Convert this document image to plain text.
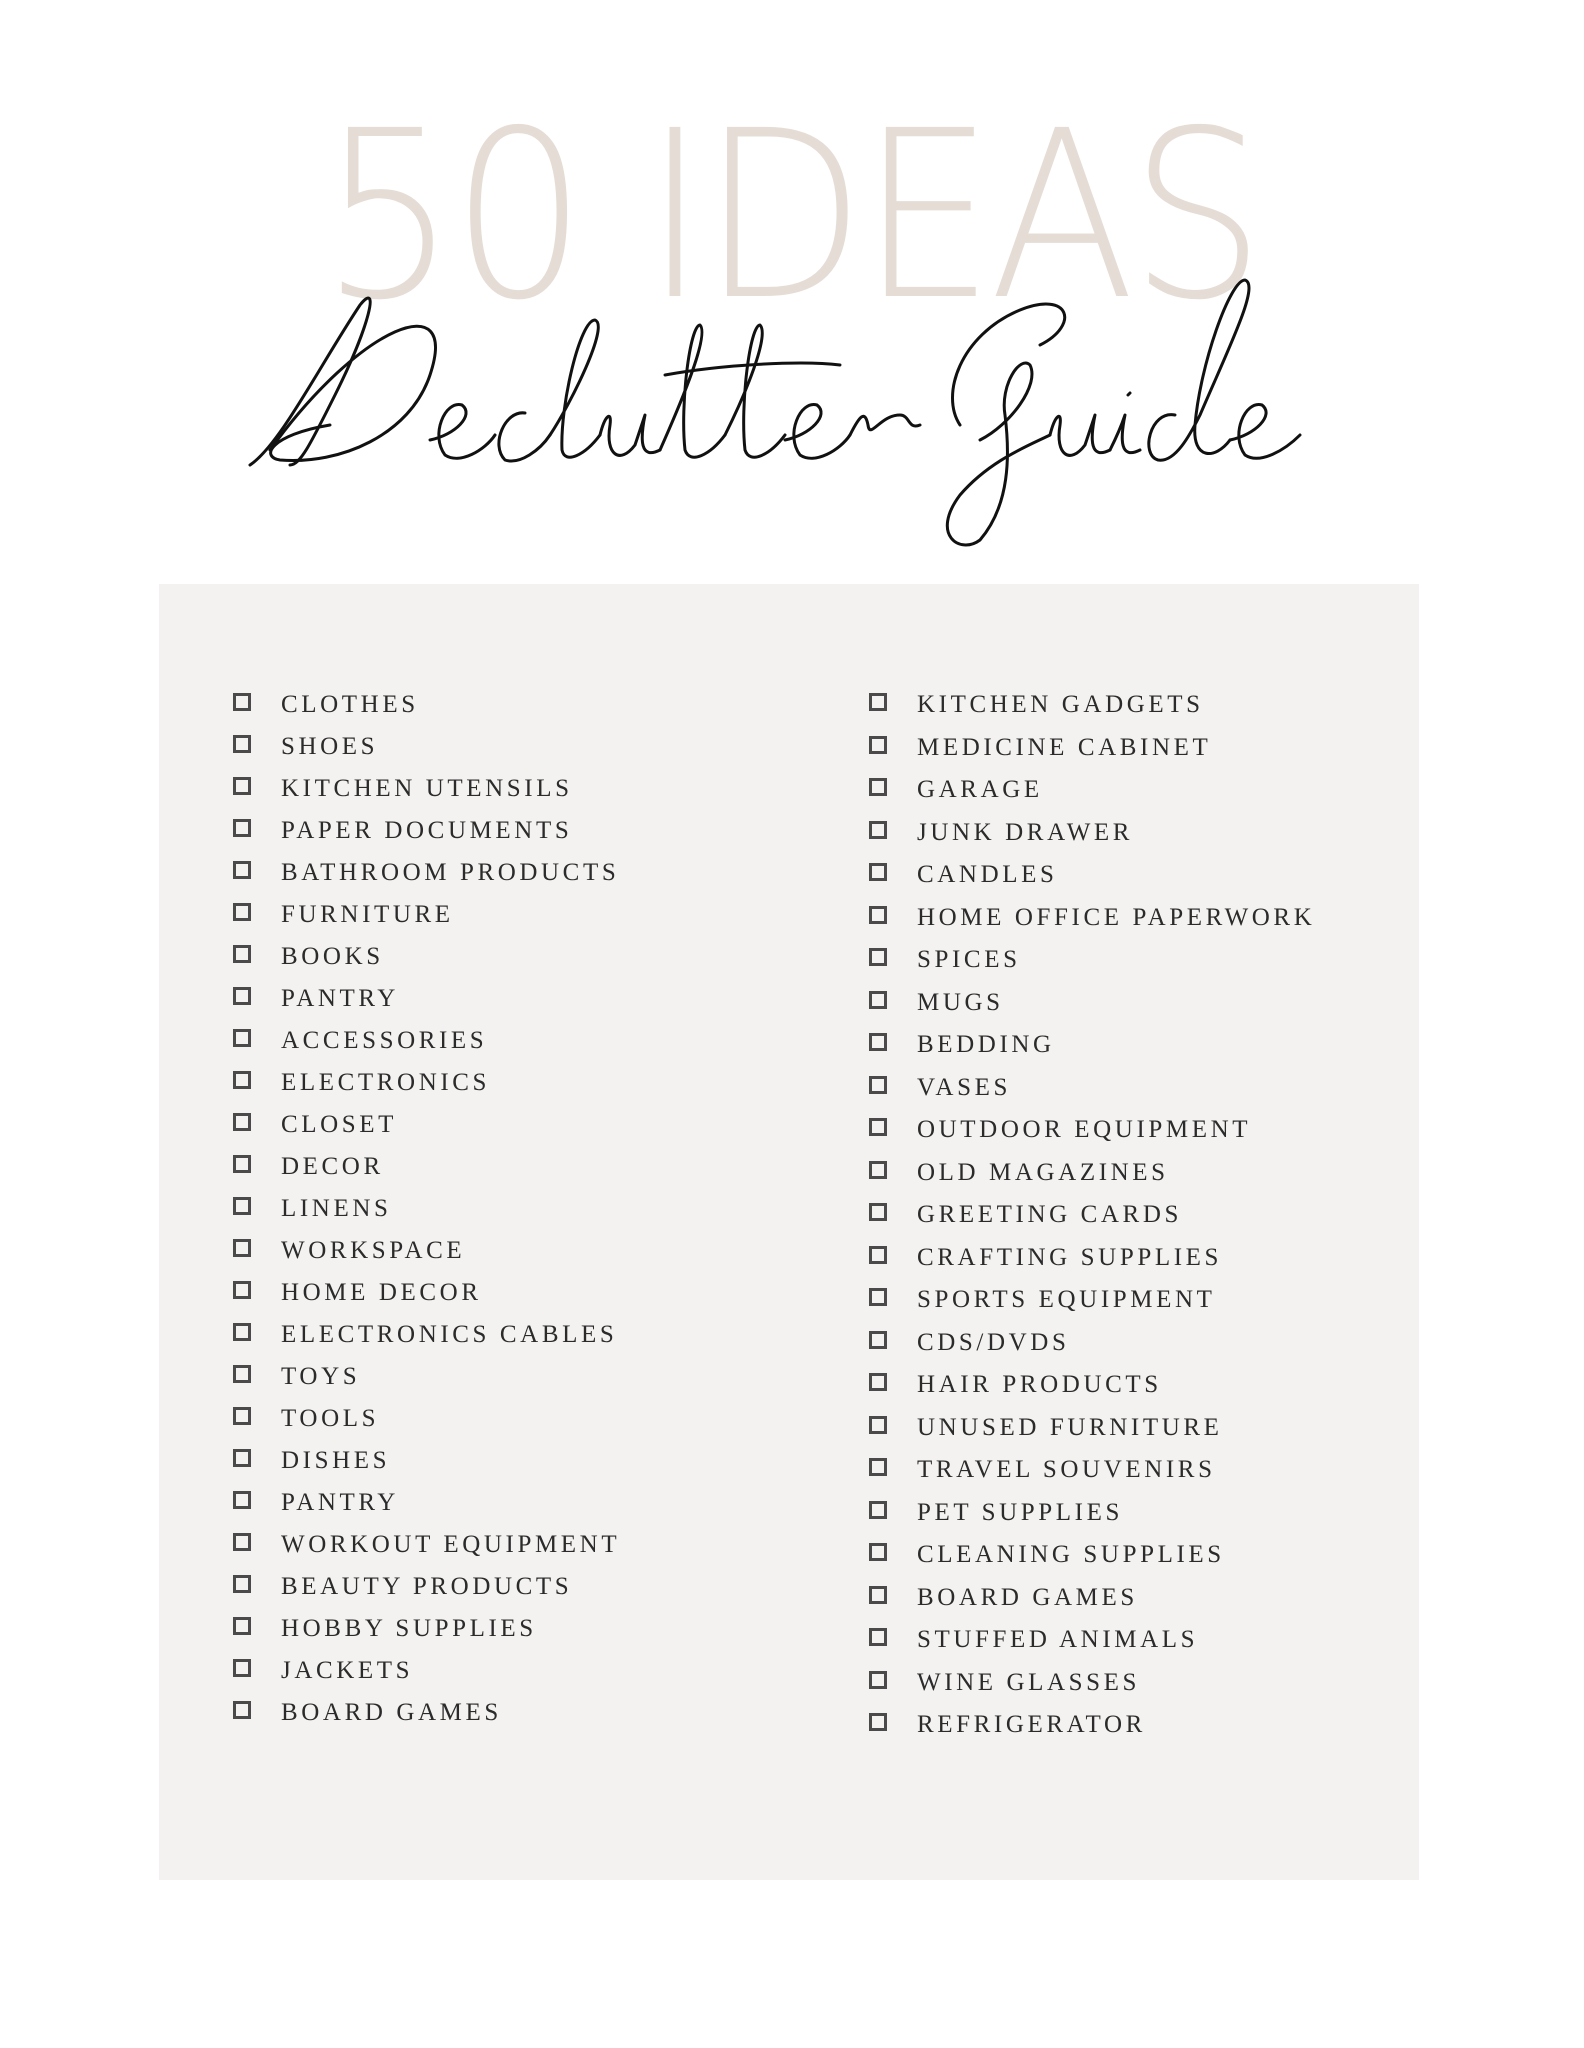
50 IDEAS
CLOTHES
SHOES
KITCHEN UTENSILS
PAPER DOCUMENTS
BATHROOM PRODUCTS
FURNITURE
BOOKS
PANTRY
ACCESSORIES
ELECTRONICS
CLOSET
DECOR
LINENS
WORKSPACE
HOME DECOR
ELECTRONICS CABLES
TOYS
TOOLS
DISHES
PANTRY
WORKOUT EQUIPMENT
BEAUTY PRODUCTS
HOBBY SUPPLIES
JACKETS
BOARD GAMES
KITCHEN GADGETS
MEDICINE CABINET
GARAGE
JUNK DRAWER
CANDLES
HOME OFFICE PAPERWORK
SPICES
MUGS
BEDDING
VASES
OUTDOOR EQUIPMENT
OLD MAGAZINES
GREETING CARDS
CRAFTING SUPPLIES
SPORTS EQUIPMENT
CDS/DVDS
HAIR PRODUCTS
UNUSED FURNITURE
TRAVEL SOUVENIRS
PET SUPPLIES
CLEANING SUPPLIES
BOARD GAMES
STUFFED ANIMALS
WINE GLASSES
REFRIGERATOR
